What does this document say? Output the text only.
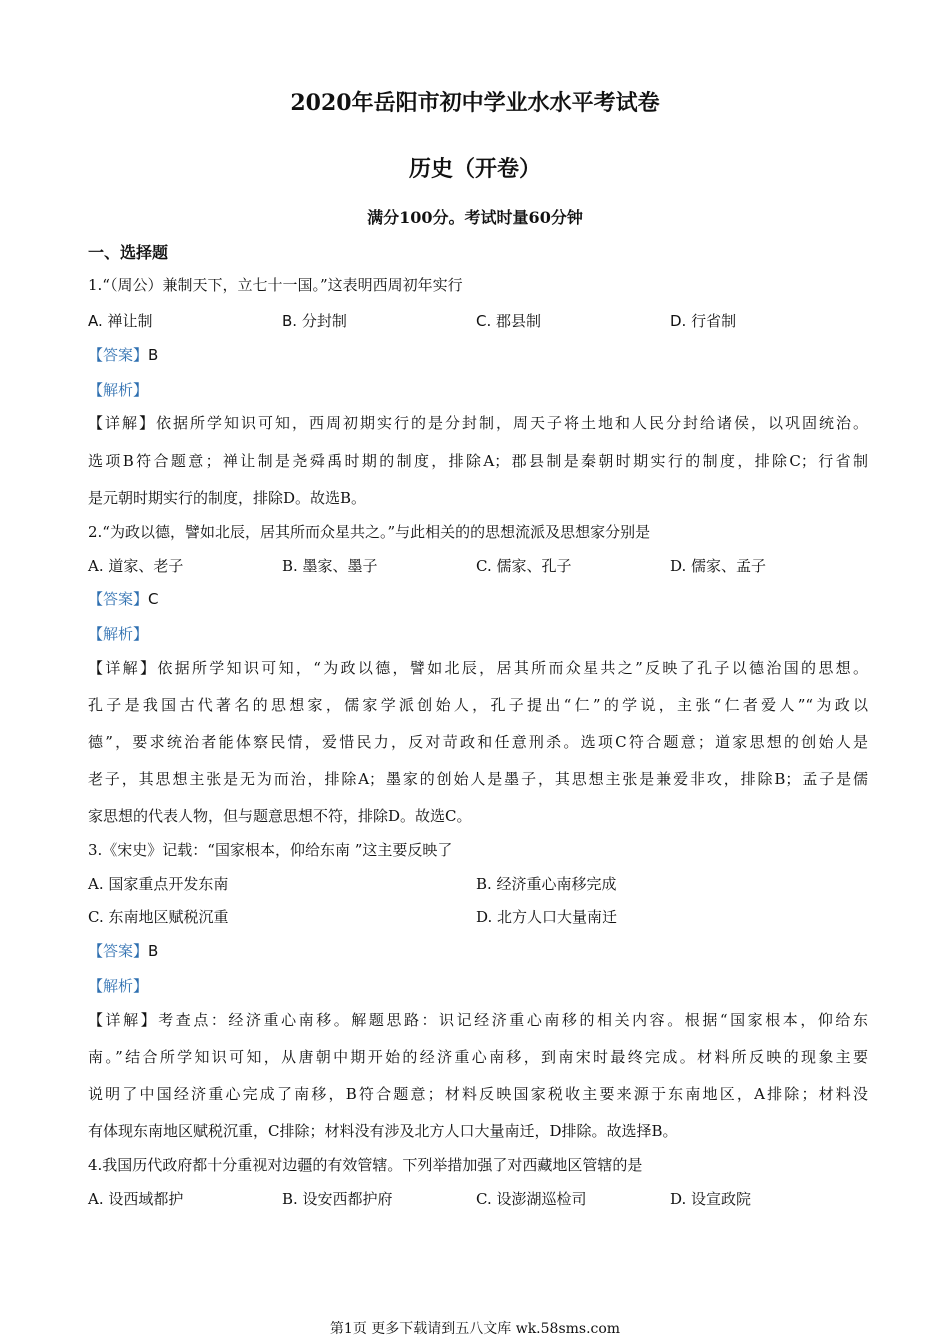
2020年岳阳市初中学业水水平考试卷
历史（开卷）
满分100分。考试时量60分钟
一、选择题
1.“（周公）兼制天下，立七十一国。”这表明西周初年实行
A. 禅让制	B. 分封制	C. 郡县制	D. 行省制
【答案】B
【解析】
【详解】依据所学知识可知，西周初期实行的是分封制，周天子将土地和人民分封给诸侯，以巩固统治。
选项B符合题意；禅让制是尧舜禹时期的制度，排除A；郡县制是秦朝时期实行的制度，排除C；行省制
是元朝时期实行的制度，排除D。故选B。
2.“为政以德，譬如北辰，居其所而众星共之。”与此相关的的思想流派及思想家分别是
A. 道家、老子	B. 墨家、墨子	C. 儒家、孔子	D. 儒家、孟子
【答案】C
【解析】
【详解】依据所学知识可知，“为政以德，譬如北辰，居其所而众星共之”反映了孔子以德治国的思想。
孔子是我国古代著名的思想家，儒家学派创始人，孔子提出“仁”的学说，主张“仁者爱人”“为政以
德”，要求统治者能体察民情，爱惜民力，反对苛政和任意刑杀。选项C符合题意；道家思想的创始人是
老子，其思想主张是无为而治，排除A；墨家的创始人是墨子，其思想主张是兼爱非攻，排除B；孟子是儒
家思想的代表人物，但与题意思想不符，排除D。故选C。
3.《宋史》记载：“国家根本，仰给东南 ”这主要反映了
A. 国家重点开发东南	B. 经济重心南移完成
C. 东南地区赋税沉重	D. 北方人口大量南迁
【答案】B
【解析】
【详解】考查点：经济重心南移。解题思路：识记经济重心南移的相关内容。根据“国家根本，仰给东
南。”结合所学知识可知，从唐朝中期开始的经济重心南移，到南宋时最终完成。材料所反映的现象主要
说明了中国经济重心完成了南移，B符合题意；材料反映国家税收主要来源于东南地区，A排除；材料没
有体现东南地区赋税沉重，C排除；材料没有涉及北方人口大量南迁，D排除。故选择B。
4.我国历代政府都十分重视对边疆的有效管辖。下列举措加强了对西藏地区管辖的是
A. 设西域都护	B. 设安西都护府	C. 设澎湖巡检司	D. 设宣政院
第1页 更多下载请到五八文库 wk.58sms.com
